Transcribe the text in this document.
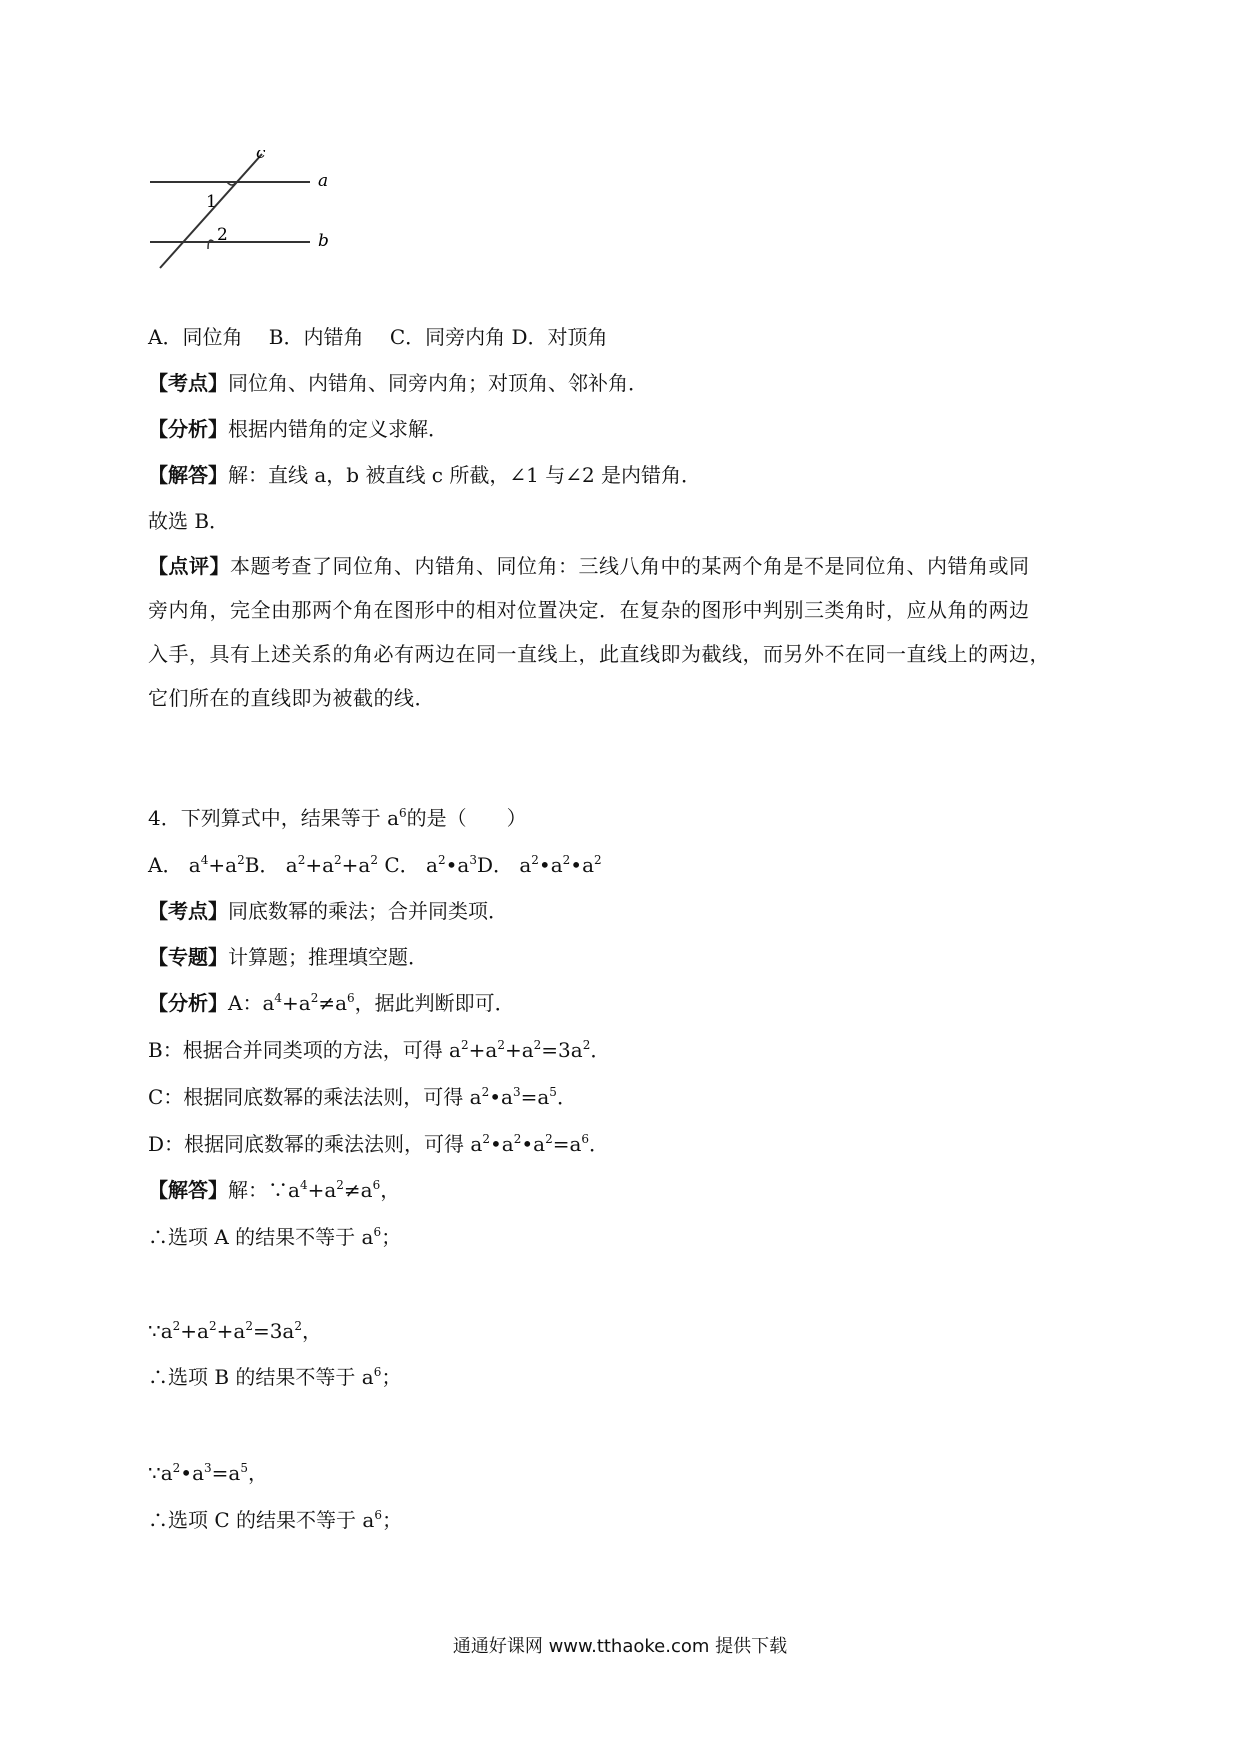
c
a
b
1
2
A．同位角　 B．内错角　 C．同旁内角 D．对顶角
【考点】同位角、内错角、同旁内角；对顶角、邻补角．
【分析】根据内错角的定义求解．
【解答】解：直线 a，b 被直线 c 所截，∠1 与∠2 是内错角．
故选 B．
【点评】本题考查了同位角、内错角、同位角：三线八角中的某两个角是不是同位角、内错角或同
旁内角，完全由那两个角在图形中的相对位置决定．在复杂的图形中判别三类角时，应从角的两边
入手，具有上述关系的角必有两边在同一直线上，此直线即为截线，而另外不在同一直线上的两边，
它们所在的直线即为被截的线．
4．下列算式中，结果等于 $a^6$的是（　　）
A． $a^4+a^2B$． $a^2+a^2+a^2$ C． $a^2•a^3D$． $a^2•a^2•a^2$
【考点】同底数幂的乘法；合并同类项．
【专题】计算题；推理填空题．
【分析】A：$a^4+a^2\ne a^6$，据此判断即可．
B：根据合并同类项的方法，可得 $a^2+a^2+a^2=3a^2$．
C：根据同底数幂的乘法法则，可得 $a^2•a^3=a^5$．
D：根据同底数幂的乘法法则，可得 $a^2•a^2•a^2=a^6$．
【解答】解：$\because a^4+a^2\ne a^6$，
∴选项 A 的结果不等于 $a^6$；
$\because a^2+a^2+a^2=3a^2$，
∴选项 B 的结果不等于 $a^6$；
$\because a^2•a^3=a^5$，
∴选项 C 的结果不等于 $a^6$；
通通好课网 www.tthaoke.com 提供下载
